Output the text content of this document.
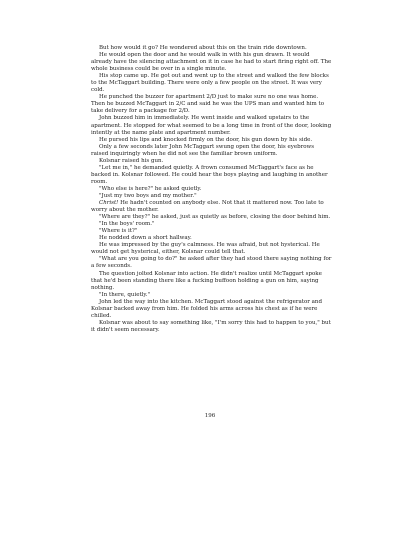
But how would it go? He wondered about this on the train ride downtown.

He would open the door and he would walk in with his gun drawn. It would already have the silencing attachment on it in case he had to start firing right off. The whole business could be over in a single minute.

His stop came up. He got out and went up to the street and walked the few blocks to the McTaggart building. There were only a few people on the street. It was very cold.

He punched the buzzer for apartment 2/D just to make sure no one was home. Then he buzzed McTaggart in 2/C and said he was the UPS man and wanted him to take delivery for a package for 2/D.

John buzzed him in immediately. He went inside and walked upstairs to the apartment. He stopped for what seemed to be a long time in front of the door, looking intently at the name plate and apartment number.

He pursed his lips and knocked firmly on the door, his gun down by his side.

Only a few seconds later John McTaggart swung open the door, his eyebrows raised inquiringly when he did not see the familiar brown uniform.

Kolsnar raised his gun.

"Let me in," he demanded quietly. A frown consumed McTaggart's face as he backed in. Kolsnar followed. He could hear the boys playing and laughing in another room.

"Who else is here?" he asked quietly.

"Just my two boys and my mother."

Christ! He hadn't counted on anybody else. Not that it mattered now. Too late to worry about the mother.

"Where are they?" he asked, just as quietly as before, closing the door behind him.

"In the boys' room."

"Where is it?"

He nodded down a short hallway.

He was impressed by the guy's calmness. He was afraid, but not hysterical. He would not get hysterical, either, Kolsnar could tell that.

"What are you going to do?" he asked after they had stood there saying nothing for a few seconds.

The question jolted Kolsnar into action. He didn't realize until McTaggart spoke that he'd been standing there like a fucking buffoon holding a gun on him, saying nothing.

"In there, quietly."

John led the way into the kitchen. McTaggart stood against the refrigerator and Kolsnar backed away from him. He folded his arms across his chest as if he were chilled.

Kolsnar was about to say something like, "I'm sorry this had to happen to you," but it didn't seem necessary.

196
